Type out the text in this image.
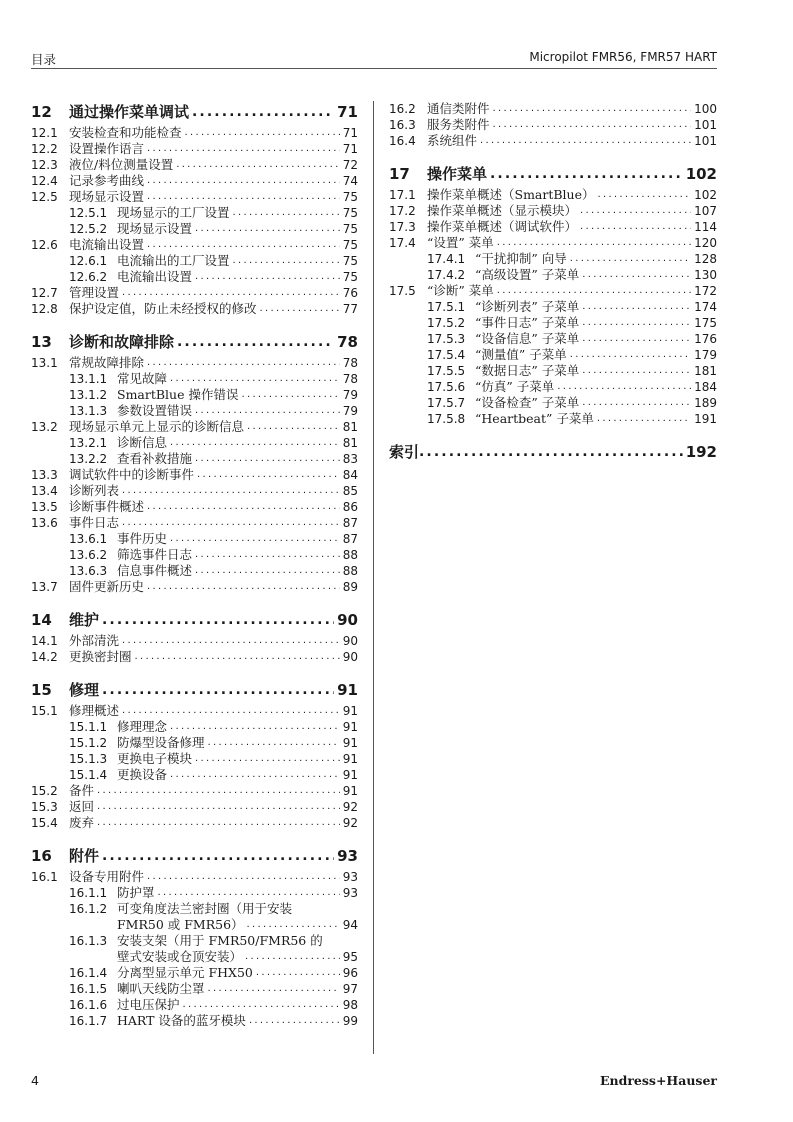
目录	Micropilot FMR56, FMR57 HART
12	通过操作菜单调试 .....	71
12.1 安装检查和功能检查 .....	71
12.2 设置操作语言 .....	71
12.3 液位/料位测量设置 .....	72
12.4 记录参考曲线 .....	74
12.5 现场显示设置 .....	75
12.5.1 现场显示的工厂设置 .....	75
12.5.2 现场显示设置 .....	75
12.6 电流输出设置 .....	75
12.6.1 电流输出的工厂设置 .....	75
12.6.2 电流输出设置 .....	75
12.7 管理设置 .....	76
12.8 保护设定值，防止未经授权的修改 .....	77
13	诊断和故障排除 .....	78
13.1 常规故障排除 .....	78
13.1.1 常见故障 .....	78
13.1.2 SmartBlue 操作错误 .....	79
13.1.3 参数设置错误 .....	79
13.2 现场显示单元上显示的诊断信息 .....	81
13.2.1 诊断信息 .....	81
13.2.2 查看补救措施 .....	83
13.3 调试软件中的诊断事件 .....	84
13.4 诊断列表 .....	85
13.5 诊断事件概述 .....	86
13.6 事件日志 .....	87
13.6.1 事件历史 .....	87
13.6.2 筛选事件日志 .....	88
13.6.3 信息事件概述 .....	88
13.7 固件更新历史 .....	89
14	维护 .....	90
14.1 外部清洗 .....	90
14.2 更换密封圈 .....	90
15	修理 .....	91
15.1 修理概述 .....	91
15.1.1 修理理念 .....	91
15.1.2 防爆型设备修理 .....	91
15.1.3 更换电子模块 .....	91
15.1.4 更换设备 .....	91
15.2 备件 .....	91
15.3 返回 .....	92
15.4 废弃 .....	92
16	附件 .....	93
16.1 设备专用附件 .....	93
16.1.1 防护罩 .....	93
16.1.2 可变角度法兰密封圈（用于安装
FMR50 或 FMR56） .....	94
16.1.3 安装支架（用于 FMR50/FMR56 的
壁式安装或仓顶安装） .....	95
16.1.4 分离型显示单元 FHX50 .....	96
16.1.5 喇叭天线防尘罩 .....	97
16.1.6 过电压保护 .....	98
16.1.7 HART 设备的蓝牙模块 .....	99
16.2 通信类附件 .....	100
16.3 服务类附件 .....	101
16.4 系统组件 .....	101
17	操作菜单 .....	102
17.1 操作菜单概述（SmartBlue） .....	102
17.2 操作菜单概述（显示模块） .....	107
17.3 操作菜单概述（调试软件） .....	114
17.4 “设置” 菜单 .....	120
17.4.1 “干扰抑制” 向导 .....	128
17.4.2 “高级设置” 子菜单 .....	130
17.5 “诊断” 菜单 .....	172
17.5.1 “诊断列表” 子菜单 .....	174
17.5.2 “事件日志” 子菜单 .....	175
17.5.3 “设备信息” 子菜单 .....	176
17.5.4 “测量值” 子菜单 .....	179
17.5.5 “数据日志” 子菜单 .....	181
17.5.6 “仿真” 子菜单 .....	184
17.5.7 “设备检查” 子菜单 .....	189
17.5.8 “Heartbeat” 子菜单 .....	191
索引 .....	192
4	Endress+Hauser
